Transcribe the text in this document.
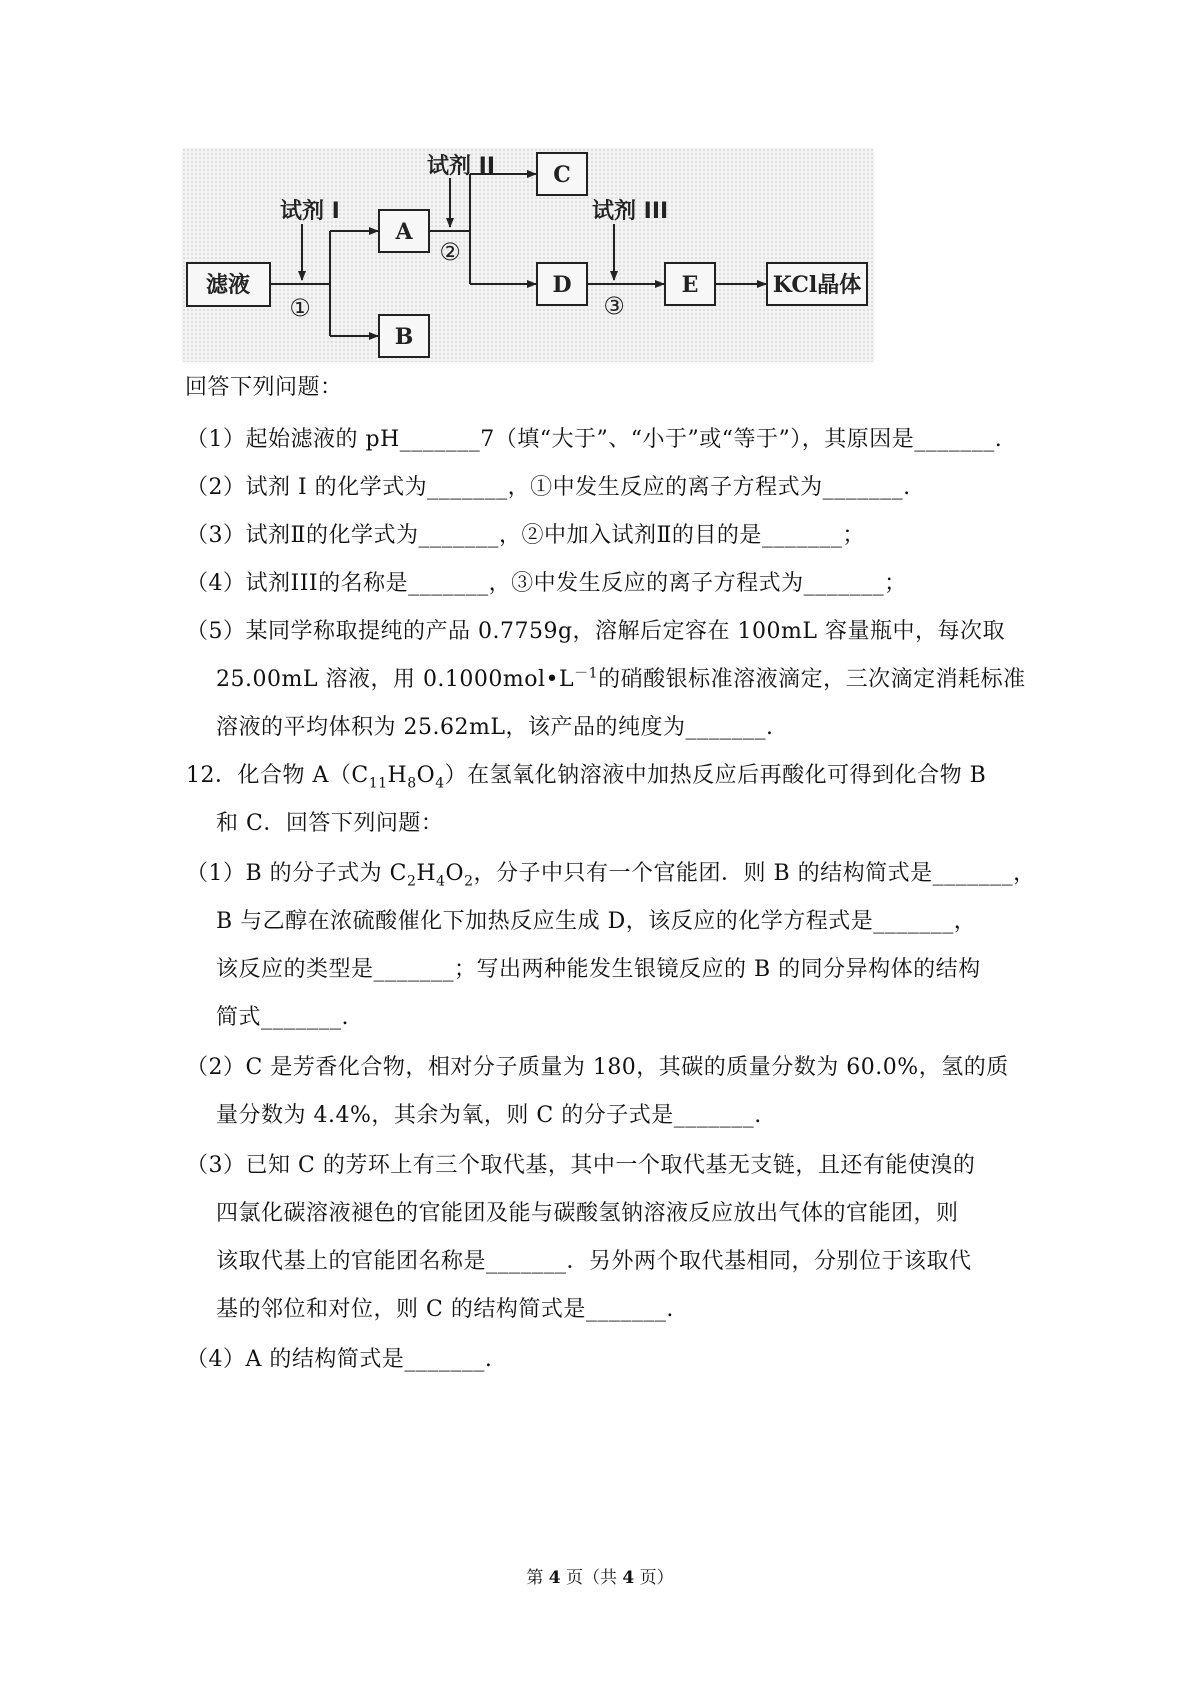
滤液
A
B
C
D	E	KCl晶体
试剂 I
试剂 II
试剂 III
①
②
③
回答下列问题：
（1）起始滤液的 pH_______7（填“大于”、“小于”或“等于”），其原因是_______.
（2）试剂 I 的化学式为_______，①中发生反应的离子方程式为_______.
（3）试剂Ⅱ的化学式为_______，②中加入试剂Ⅱ的目的是_______；
（4）试剂III的名称是_______，③中发生反应的离子方程式为_______；
（5）某同学称取提纯的产品 0.7759g，溶解后定容在 100mL 容量瓶中，每次取
25.00mL 溶液，用 $0.1000mol•L^{-1}$的硝酸银标准溶液滴定，三次滴定消耗标准
溶液的平均体积为 25.62mL，该产品的纯度为_______.
12．化合物 $A(C_{11}H_8O_4)$在氢氧化钠溶液中加热反应后再酸化可得到化合物 B
和 C．回答下列问题：
（1）B 的分子式为 $C_2H_4O_2$，分子中只有一个官能团．则 B 的结构简式是_______，
B 与乙醇在浓硫酸催化下加热反应生成 D，该反应的化学方程式是_______，
该反应的类型是_______；写出两种能发生银镜反应的 B 的同分异构体的结构
简式_______.
（2）C 是芳香化合物，相对分子质量为 180，其碳的质量分数为 60.0%，氢的质
量分数为 4.4%，其余为氧，则 C 的分子式是_______.
（3）已知 C 的芳环上有三个取代基，其中一个取代基无支链，且还有能使溴的
四氯化碳溶液褪色的官能团及能与碳酸氢钠溶液反应放出气体的官能团，则
该取代基上的官能团名称是_______．另外两个取代基相同，分别位于该取代
基的邻位和对位，则 C 的结构简式是_______.
（4）A 的结构简式是_______.
第 4 页（共 4 页）
